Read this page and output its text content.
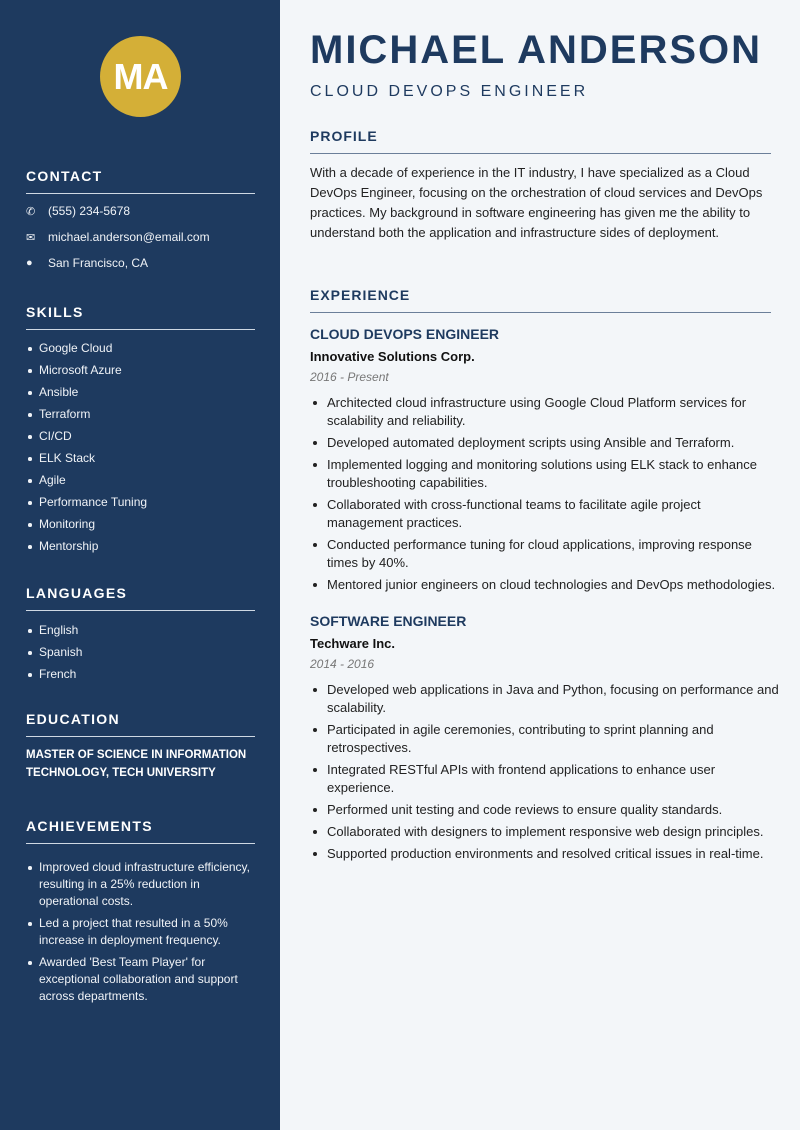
MA
CONTACT
✆	(555) 234-5678
✉	michael.anderson@email.com
●	San Francisco, CA
SKILLS
Google Cloud
Microsoft Azure
Ansible
Terraform
CI/CD
ELK Stack
Agile
Performance Tuning
Monitoring
Mentorship
LANGUAGES
English
Spanish
French
EDUCATION
MASTER OF SCIENCE IN INFORMATION TECHNOLOGY, TECH UNIVERSITY
ACHIEVEMENTS
Improved cloud infrastructure efficiency, resulting in a 25% reduction in operational costs.
Led a project that resulted in a 50% increase in deployment frequency.
Awarded 'Best Team Player' for exceptional collaboration and support across departments.
MICHAEL ANDERSON
CLOUD DEVOPS ENGINEER
PROFILE
With a decade of experience in the IT industry, I have specialized as a Cloud DevOps Engineer, focusing on the orchestration of cloud services and DevOps practices. My background in software engineering has given me the ability to understand both the application and infrastructure sides of deployment.
EXPERIENCE
CLOUD DEVOPS ENGINEER
Innovative Solutions Corp.
2016 - Present
Architected cloud infrastructure using Google Cloud Platform services for scalability and reliability.
Developed automated deployment scripts using Ansible and Terraform.
Implemented logging and monitoring solutions using ELK stack to enhance troubleshooting capabilities.
Collaborated with cross-functional teams to facilitate agile project management practices.
Conducted performance tuning for cloud applications, improving response times by 40%.
Mentored junior engineers on cloud technologies and DevOps methodologies.
SOFTWARE ENGINEER
Techware Inc.
2014 - 2016
Developed web applications in Java and Python, focusing on performance and scalability.
Participated in agile ceremonies, contributing to sprint planning and retrospectives.
Integrated RESTful APIs with frontend applications to enhance user experience.
Performed unit testing and code reviews to ensure quality standards.
Collaborated with designers to implement responsive web design principles.
Supported production environments and resolved critical issues in real-time.
